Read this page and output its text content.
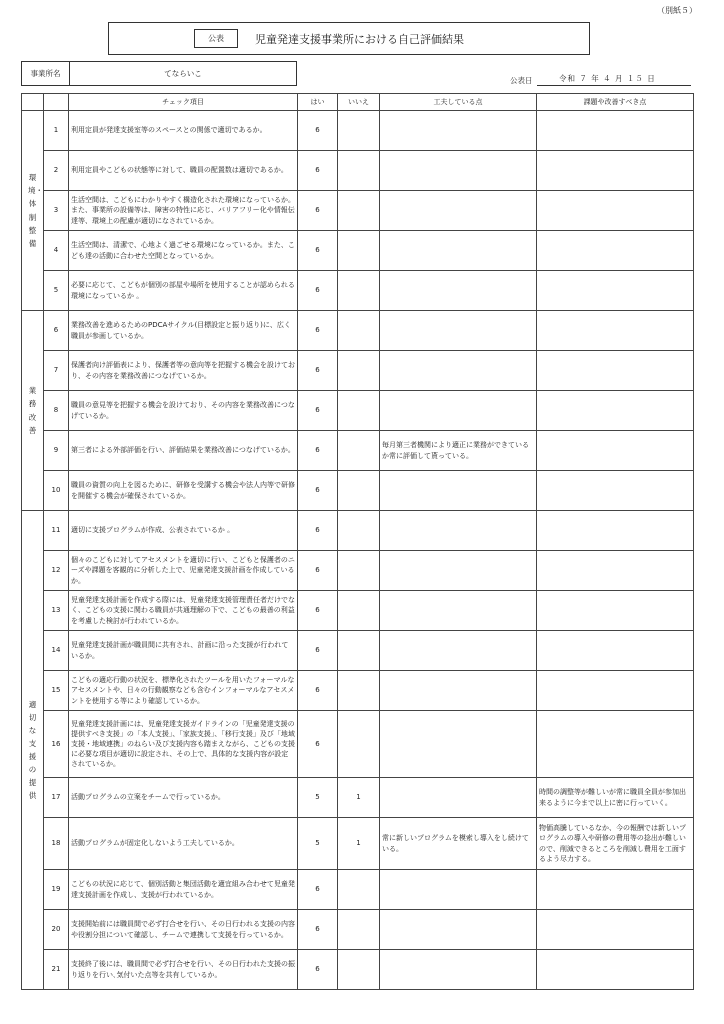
（別紙５）
公表	児童発達支援事業所における自己評価結果
事業所名	てならいこ
公表日	令和 ７ 年 ４ 月 １５ 日
		チェック項目	はい	いいえ	工夫している点	課題や改善すべき点
環境・体制整備	1	利用定員が発達支援室等のスペースとの関係で適切であるか。	6			
	2	利用定員やこどもの状態等に対して、職員の配置数は適切であるか。	6			
	3	生活空間は、こどもにわかりやすく構造化された環境になっているか。また、事業所の設備等は、障害の特性に応じ、バリアフリー化や情報伝達等、環境上の配慮が適切になされているか。	6			
	4	生活空間は、清潔で、心地よく過ごせる環境になっているか。また、こども達の活動に合わせた空間となっているか。	6			
	5	必要に応じて、こどもが個別の部屋や場所を使用することが認められる環境になっているか 。	6			
業務改善	6	業務改善を進めるためのPDCAサイクル(目標設定と振り返り)に、広く職員が参画しているか。	6			
	7	保護者向け評価表により、保護者等の意向等を把握する機会を設けており、その内容を業務改善につなげているか。	6			
	8	職員の意見等を把握する機会を設けており、その内容を業務改善につなげているか。	6			
	9	第三者による外部評価を行い、評価結果を業務改善につなげているか。	6		毎月第三者機関により適正に業務ができているか常に評価して貰っている。	
	10	職員の資質の向上を図るために、研修を受講する機会や法人内等で研修を開催する機会が確保されているか。	6			
適切な支援の提供	11	適切に支援プログラムが作成、公表されているか 。	6			
	12	個々のこどもに対してアセスメントを適切に行い、こどもと保護者のニーズや課題を客観的に分析した上で、児童発達支援計画を作成しているか。	6			
	13	児童発達支援計画を作成する際には、児童発達支援管理責任者だけでなく、こどもの支援に関わる職員が共通理解の下で、こどもの最善の利益を考慮した検討が行われているか。	6			
	14	児童発達支援計画が職員間に共有され、計画に沿った支援が行われているか。	6			
	15	こどもの適応行動の状況を、標準化されたツールを用いたフォーマルなアセスメントや、日々の行動観察なども含むインフォーマルなアセスメントを使用する等により確認しているか。	6			
	16	児童発達支援計画には、児童発達支援ガイドラインの「児童発達支援の提供すべき支援」の「本人支援」、「家族支援」、「移行支援」及び「地域支援・地域連携」のねらい及び支援内容も踏まえながら、こどもの支援に必要な項目が適切に設定され、その上で、具体的な支援内容が設定されているか。	6			
	17	活動プログラムの立案をチームで行っているか。	5	1		時間の調整等が難しいが常に職員全員が参加出来るように今まで以上に密に行っていく。
	18	活動プログラムが固定化しないよう工夫しているか。	5	1	常に新しいプログラムを模索し導入をし続けている。	物価高騰しているなか、今の報酬では新しいプログラムの導入や研修の費用等の捻出が難しいので、削減できるところを削減し費用を工面するよう尽力する。
	19	こどもの状況に応じて、個別活動と集団活動を適宜組み合わせて児童発達支援計画を作成し、支援が行われているか。	6			
	20	支援開始前には職員間で必ず打合せを行い、その日行われる支援の内容や役割分担について確認し、チームで連携して支援を行っているか。	6			
	21	支援終了後には、職員間で必ず打合せを行い、その日行われた支援の振り返りを行い､気付いた点等を共有しているか。	6			
